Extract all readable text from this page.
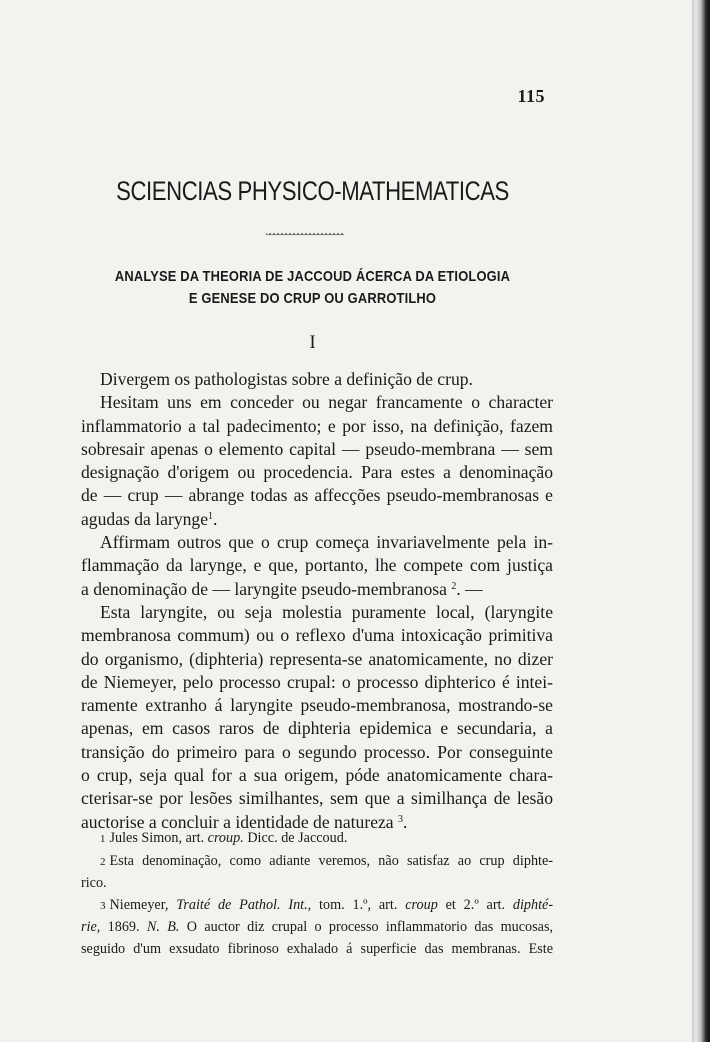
115
SCIENCIAS PHYSICO-MATHEMATICAS
ANALYSE DA THEORIA DE JACCOUD ÁCERCA DA ETIOLOGIA
E GENESE DO CRUP OU GARROTILHO
I
Divergem os pathologistas sobre a definição de crup.
Hesitam uns em conceder ou negar francamente o character
inflammatorio a tal padecimento; e por isso, na definição, fazem
sobresair apenas o elemento capital — pseudo-membrana — sem
designação d'origem ou procedencia. Para estes a denominação
de — crup — abrange todas as affecções pseudo-membranosas e
agudas da larynge$^1$.
Affirmam outros que o crup começa invariavelmente pela in-
flammação da larynge, e que, portanto, lhe compete com justiça
a denominação de — laryngite pseudo-membranosa $^2$. —
Esta laryngite, ou seja molestia puramente local, (laryngite
membranosa commum) ou o reflexo d'uma intoxicação primitiva
do organismo, (diphteria) representa-se anatomicamente, no dizer
de Niemeyer, pelo processo crupal: o processo diphterico é intei-
ramente extranho á laryngite pseudo-membranosa, mostrando-se
apenas, em casos raros de diphteria epidemica e secundaria, a
transição do primeiro para o segundo processo. Por conseguinte
o crup, seja qual for a sua origem, póde anatomicamente chara-
cterisar-se por lesões similhantes, sem que a similhança de lesão
auctorise a concluir a identidade de natureza $^3$.
1 Jules Simon, art. croup. Dicc. de Jaccoud.
2 Esta denominação, como adiante veremos, não satisfaz ao crup diphte-
rico.
3 Niemeyer, Traité de Pathol. Int., tom. 1.º, art. croup et 2.º art. diphté-
rie, 1869. N. B. O auctor diz crupal o processo inflammatorio das mucosas,
seguido d'um exsudato fibrinoso exhalado á superficie das membranas. Este
